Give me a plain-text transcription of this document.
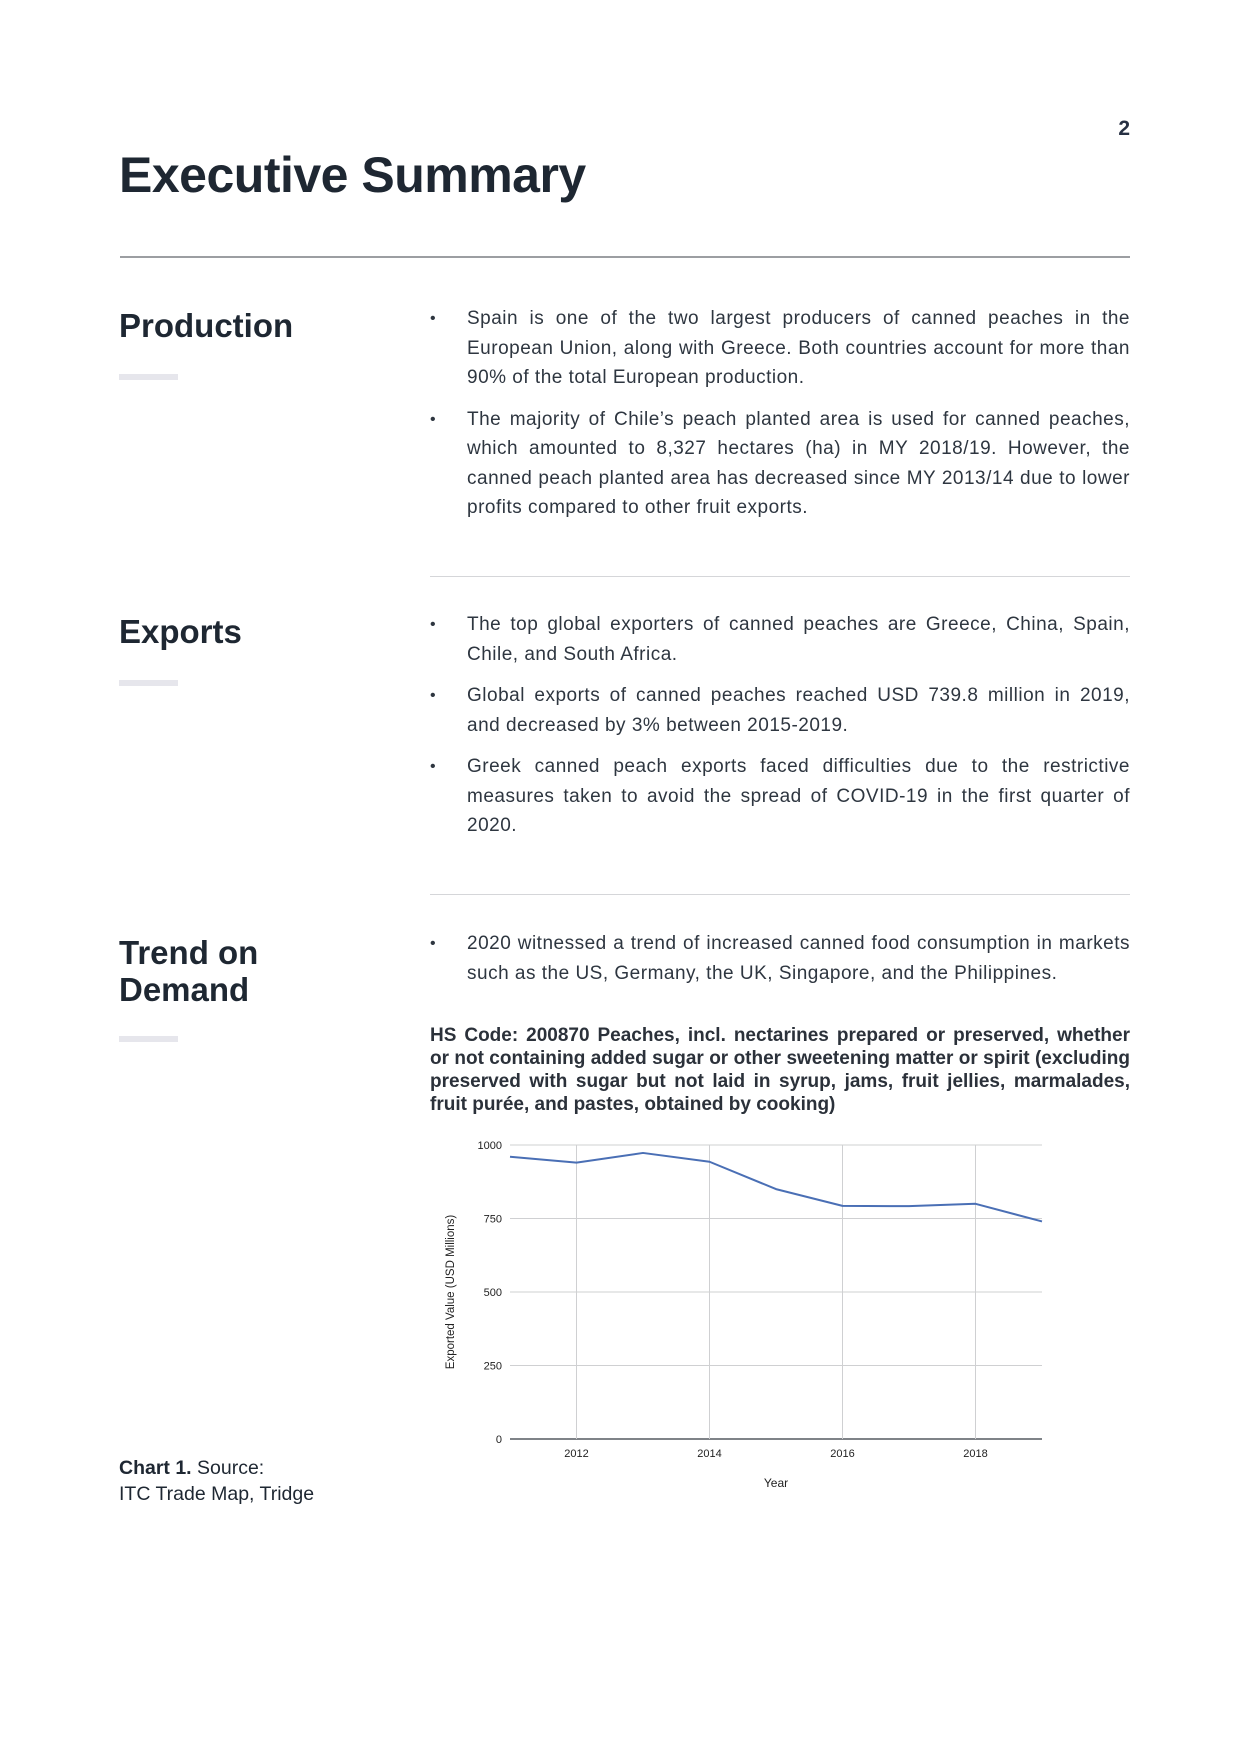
2
Executive Summary
Production	• Spain is one of the two largest producers of canned peaches in the European Union, along with Greece. Both countries account for more than 90% of the total European production.
• The majority of Chile’s peach planted area is used for canned peaches, which amounted to 8,327 hectares (ha) in MY 2018/19. However, the canned peach planted area has decreased since MY 2013/14 due to lower profits compared to other fruit exports.
Exports	• The top global exporters of canned peaches are Greece, China, Spain, Chile, and South Africa.
• Global exports of canned peaches reached USD 739.8 million in 2019, and decreased by 3% between 2015-2019.
• Greek canned peach exports faced difficulties due to the restrictive measures taken to avoid the spread of COVID-19 in the first quarter of 2020.
Trend on
Demand
• 2020 witnessed a trend of increased canned food consumption in markets such as the US, Germany, the UK, Singapore, and the Philippines.

HS Code: 200870 Peaches, incl. nectarines prepared or preserved, whether or not containing added sugar or other sweetening matter or spirit (excluding preserved with sugar but not laid in syrup, jams, fruit jellies, marmalades, fruit purée, and pastes, obtained by cooking)

0
250
500
750
1000
2012	2014	2016	2018
Year
Exported Value (USD Millions)
Chart 1. Source:
ITC Trade Map, Tridge
